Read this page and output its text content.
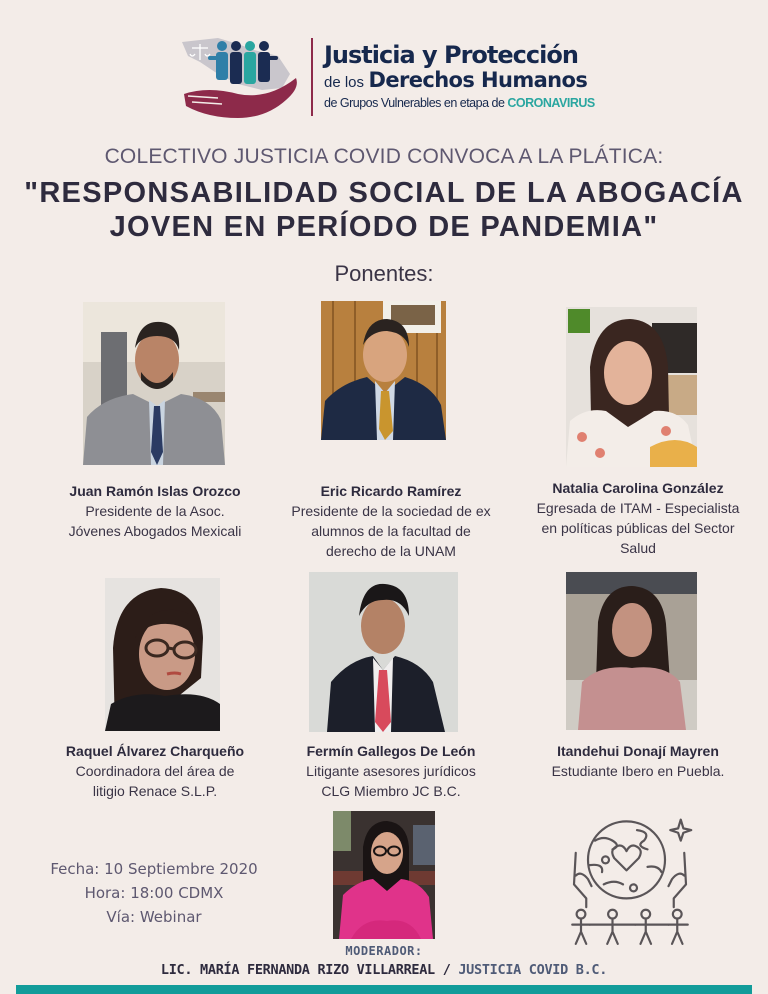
Justicia y Protección
de los Derechos Humanos
de Grupos Vulnerables en etapa de CORONAVIRUS
COLECTIVO JUSTICIA COVID CONVOCA A LA PLÁTICA:
"RESPONSABILIDAD SOCIAL DE LA ABOGACÍA
JOVEN EN PERÍODO DE PANDEMIA"
Ponentes:
Juan Ramón Islas Orozco
Presidente de la Asoc.
Jóvenes Abogados Mexicali
Eric Ricardo Ramírez
Presidente de la sociedad de ex
alumnos de la facultad de
derecho de la UNAM
Natalia Carolina González
Egresada de ITAM - Especialista
en políticas públicas del Sector
Salud
Raquel Álvarez Charqueño
Coordinadora del área de
litigio Renace S.L.P.
Fermín Gallegos De León
Litigante asesores jurídicos
CLG Miembro JC B.C.
Itandehui Donají Mayren
Estudiante Ibero en Puebla.
Fecha: 10 Septiembre 2020
Hora: 18:00 CDMX
Vía: Webinar
MODERADOR:
LIC. MARÍA FERNANDA RIZO VILLARREAL / JUSTICIA COVID B.C.
